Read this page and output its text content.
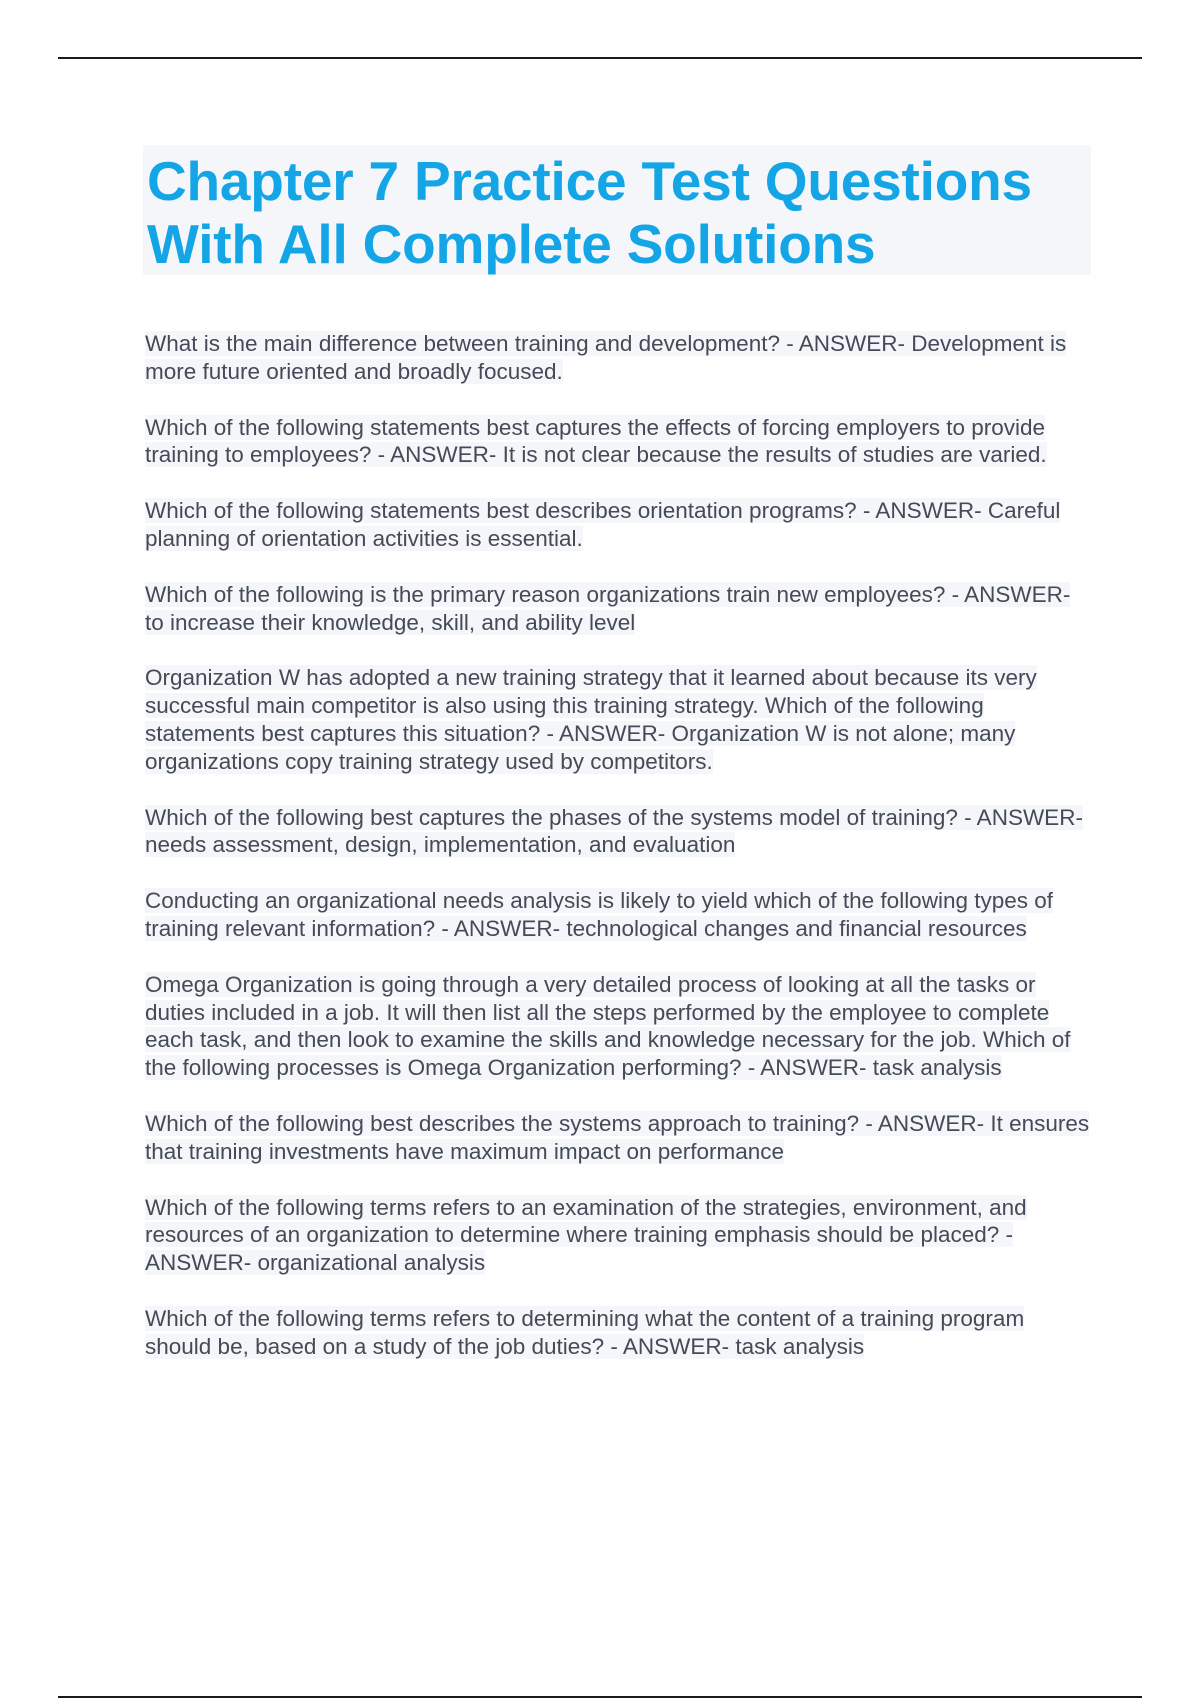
Chapter 7 Practice Test Questions
With All Complete Solutions
What is the main difference between training and development? - ANSWER- Development is more future oriented and broadly focused.
Which of the following statements best captures the effects of forcing employers to provide training to employees? - ANSWER- It is not clear because the results of studies are varied.
Which of the following statements best describes orientation programs? - ANSWER- Careful planning of orientation activities is essential.
Which of the following is the primary reason organizations train new employees? - ANSWER- to increase their knowledge, skill, and ability level
Organization W has adopted a new training strategy that it learned about because its very successful main competitor is also using this training strategy. Which of the following statements best captures this situation? - ANSWER- Organization W is not alone; many organizations copy training strategy used by competitors.
Which of the following best captures the phases of the systems model of training? - ANSWER- needs assessment, design, implementation, and evaluation
Conducting an organizational needs analysis is likely to yield which of the following types of training relevant information? - ANSWER- technological changes and financial resources
Omega Organization is going through a very detailed process of looking at all the tasks or duties included in a job. It will then list all the steps performed by the employee to complete each task, and then look to examine the skills and knowledge necessary for the job. Which of the following processes is Omega Organization performing? - ANSWER- task analysis
Which of the following best describes the systems approach to training? - ANSWER- It ensures that training investments have maximum impact on performance
Which of the following terms refers to an examination of the strategies, environment, and resources of an organization to determine where training emphasis should be placed? - ANSWER- organizational analysis
Which of the following terms refers to determining what the content of a training program should be, based on a study of the job duties? - ANSWER- task analysis
